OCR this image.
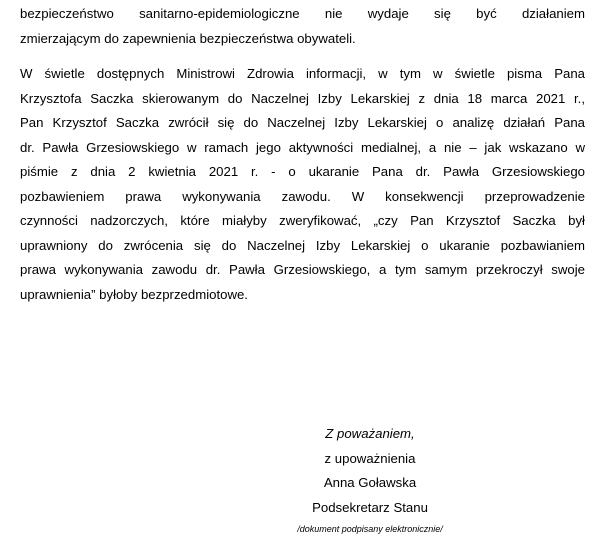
bezpieczeństwo sanitarno-epidemiologiczne nie wydaje się być działaniem
zmierzającym do zapewnienia bezpieczeństwa obywateli.

W świetle dostępnych Ministrowi Zdrowia informacji, w tym w świetle pisma Pana
Krzysztofa Saczka skierowanym do Naczelnej Izby Lekarskiej z dnia 18 marca 2021 r.,
Pan Krzysztof Saczka zwrócił się do Naczelnej Izby Lekarskiej o analizę działań Pana
dr. Pawła Grzesiowskiego w ramach jego aktywności medialnej, a nie – jak wskazano w
piśmie z dnia 2 kwietnia 2021 r. - o ukaranie Pana dr. Pawła Grzesiowskiego
pozbawieniem prawa wykonywania zawodu. W konsekwencji przeprowadzenie
czynności nadzorczych, które miałyby zweryfikować, „czy Pan Krzysztof Saczka był
uprawniony do zwrócenia się do Naczelnej Izby Lekarskiej o ukaranie pozbawianiem
prawa wykonywania zawodu dr. Pawła Grzesiowskiego, a tym samym przekroczył swoje
uprawnienia” byłoby bezprzedmiotowe.

Z poważaniem,
z upoważnienia
Anna Goławska
Podsekretarz Stanu
/dokument podpisany elektronicznie/
